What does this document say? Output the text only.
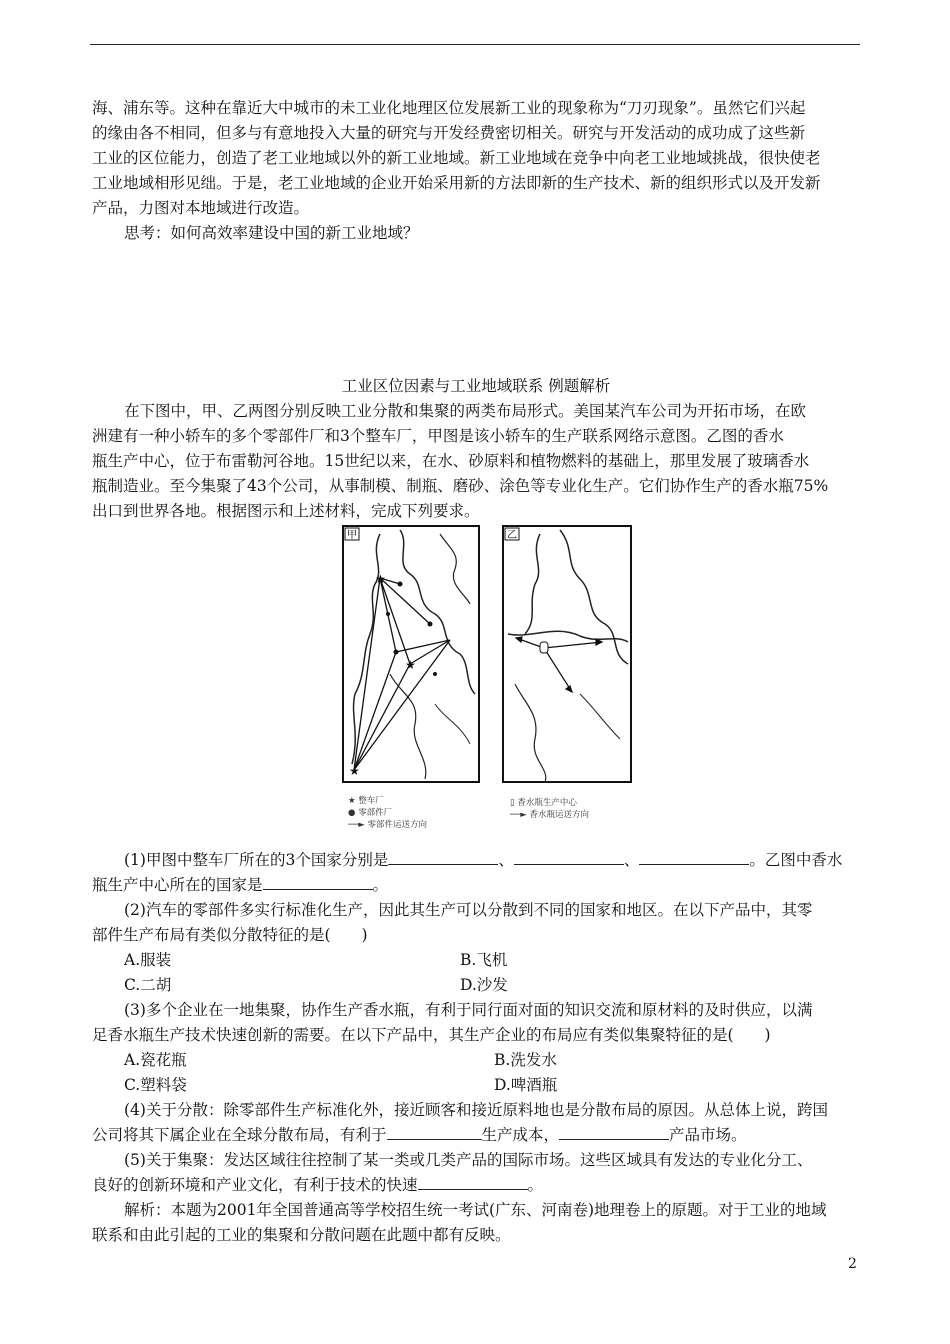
海、浦东等。这种在靠近大中城市的未工业化地理区位发展新工业的现象称为“刀刃现象”。虽然它们兴起

的缘由各不相同，但多与有意地投入大量的研究与开发经费密切相关。研究与开发活动的成功成了这些新

工业的区位能力，创造了老工业地域以外的新工业地域。新工业地域在竞争中向老工业地域挑战，很快使老

工业地域相形见绌。于是，老工业地域的企业开始采用新的方法即新的生产技术、新的组织形式以及开发新

产品，力图对本地域进行改造。

思考：如何高效率建设中国的新工业地域？

工业区位因素与工业地域联系 例题解析

在下图中，甲、乙两图分别反映工业分散和集聚的两类布局形式。美国某汽车公司为开拓市场，在欧

洲建有一种小轿车的多个零部件厂和3个整车厂，甲图是该小轿车的生产联系网络示意图。乙图的香水

瓶生产中心，位于布雷勒河谷地。15世纪以来，在水、砂原料和植物燃料的基础上，那里发展了玻璃香水

瓶制造业。至今集聚了43个公司，从事制模、制瓶、磨砂、涂色等专业化生产。它们协作生产的香水瓶75%

出口到世界各地。根据图示和上述材料，完成下列要求。

甲
★
★
★
乙
★ 整车厂
● 零部件厂
──► 零部件运送方向
▯ 香水瓶生产中心
──► 香水瓶运送方向

(1)甲图中整车厂所在的3个国家分别是	、	、	。乙图中香水

瓶生产中心所在的国家是	。

(2)汽车的零部件多实行标准化生产，因此其生产可以分散到不同的国家和地区。在以下产品中，其零

部件生产布局有类似分散特征的是(　　)

A.服装	B.飞机
C.二胡	D.沙发

(3)多个企业在一地集聚，协作生产香水瓶，有利于同行面对面的知识交流和原材料的及时供应，以满

足香水瓶生产技术快速创新的需要。在以下产品中，其生产企业的布局应有类似集聚特征的是(　　)

A.瓷花瓶	B.洗发水
C.塑料袋	D.啤酒瓶

(4)关于分散：除零部件生产标准化外，接近顾客和接近原料地也是分散布局的原因。从总体上说，跨国

公司将其下属企业在全球分散布局，有利于	生产成本，	产品市场。

(5)关于集聚：发达区域往往控制了某一类或几类产品的国际市场。这些区域具有发达的专业化分工、

良好的创新环境和产业文化，有利于技术的快速	。

解析：本题为2001年全国普通高等学校招生统一考试(广东、河南卷)地理卷上的原题。对于工业的地域

联系和由此引起的工业的集聚和分散问题在此题中都有反映。

2
